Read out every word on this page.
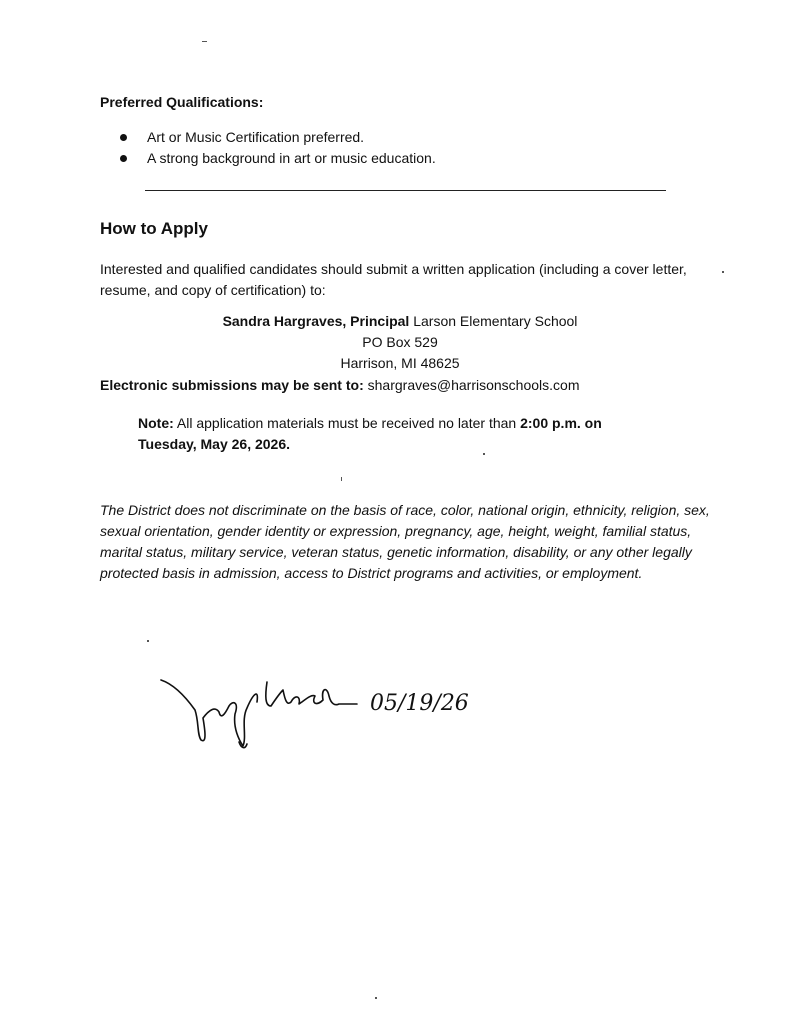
Preferred Qualifications:
Art or Music Certification preferred.
A strong background in art or music education.
How to Apply
Interested and qualified candidates should submit a written application (including a cover letter, resume, and copy of certification) to:
Sandra Hargraves, Principal Larson Elementary School
PO Box 529
Harrison, MI 48625
Electronic submissions may be sent to: shargraves@harrisonschools.com
Note: All application materials must be received no later than 2:00 p.m. on Tuesday, May 26, 2026.
The District does not discriminate on the basis of race, color, national origin, ethnicity, religion, sex, sexual orientation, gender identity or expression, pregnancy, age, height, weight, familial status, marital status, military service, veteran status, genetic information, disability, or any other legally protected basis in admission, access to District programs and activities, or employment.
05/19/26
